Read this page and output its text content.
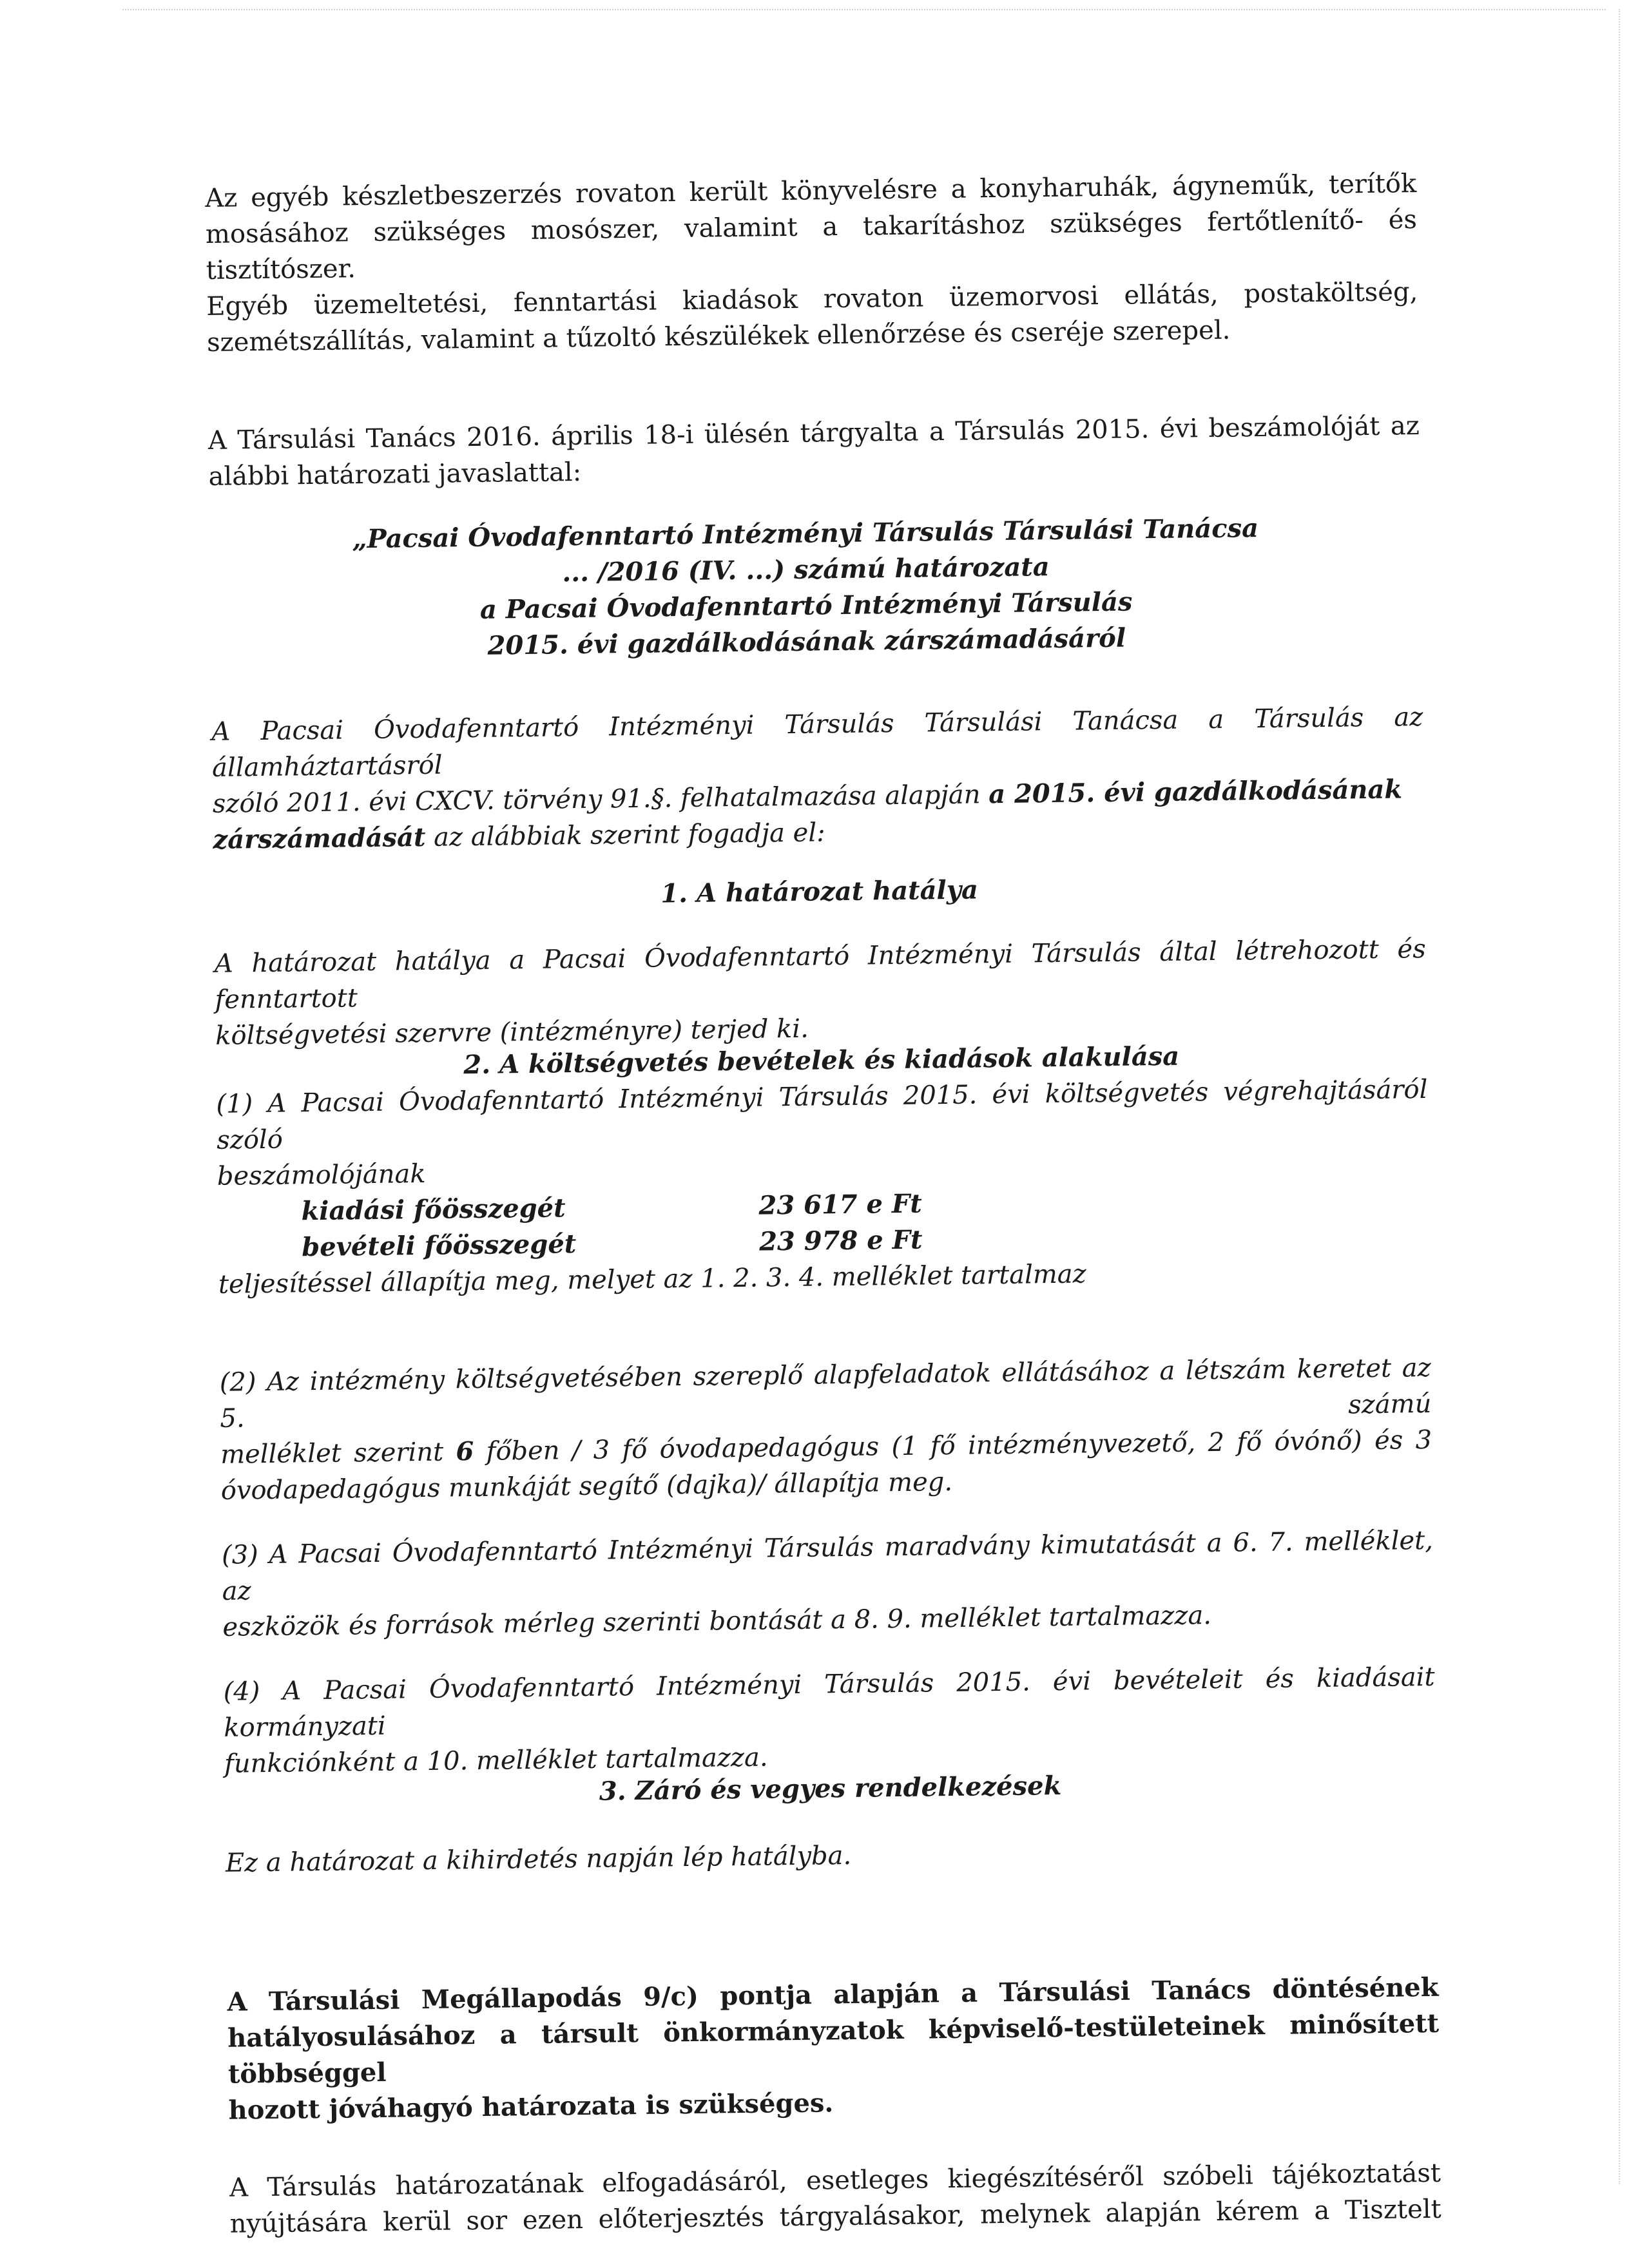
Az egyéb készletbeszerzés rovaton került könyvelésre a konyharuhák, ágyneműk, terítők

mosásához szükséges mosószer, valamint a takarításhoz szükséges fertőtlenítő- és

tisztítószer.

Egyéb üzemeltetési, fenntartási kiadások rovaton üzemorvosi ellátás, postaköltség,

szemétszállítás, valamint a tűzoltó készülékek ellenőrzése és cseréje szerepel.

A Társulási Tanács 2016. április 18-i ülésén tárgyalta a Társulás 2015. évi beszámolóját az

alábbi határozati javaslattal:

„Pacsai Óvodafenntartó Intézményi Társulás Társulási Tanácsa

... /2016 (IV. ...) számú határozata

a Pacsai Óvodafenntartó Intézményi Társulás

2015. évi gazdálkodásának zárszámadásáról

A Pacsai Óvodafenntartó Intézményi Társulás Társulási Tanácsa a Társulás az államháztartásról

szóló 2011. évi CXCV. törvény 91.§. felhatalmazása alapján a 2015. évi gazdálkodásának

zárszámadását az alábbiak szerint fogadja el:

1. A határozat hatálya

A határozat hatálya a Pacsai Óvodafenntartó Intézményi Társulás által létrehozott és fenntartott

költségvetési szervre (intézményre) terjed ki.

2. A költségvetés bevételek és kiadások alakulása

(1) A Pacsai Óvodafenntartó Intézményi Társulás 2015. évi költségvetés végrehajtásáról szóló

beszámolójának

kiadási főösszegét	23 617 e Ft
bevételi főösszegét	23 978 e Ft

teljesítéssel állapítja meg, melyet az 1. 2. 3. 4. melléklet tartalmaz

(2) Az intézmény költségvetésében szereplő alapfeladatok ellátásához a létszám keretet az 5. számú

melléklet szerint 6 főben / 3 fő óvodapedagógus (1 fő intézményvezető, 2 fő óvónő) és 3

óvodapedagógus munkáját segítő (dajka)/ állapítja meg.

(3) A Pacsai Óvodafenntartó Intézményi Társulás maradvány kimutatását a 6. 7. melléklet, az

eszközök és források mérleg szerinti bontását a 8. 9. melléklet tartalmazza.

(4) A Pacsai Óvodafenntartó Intézményi Társulás 2015. évi bevételeit és kiadásait kormányzati

funkciónként a 10. melléklet tartalmazza.

3. Záró és vegyes rendelkezések

Ez a határozat a kihirdetés napján lép hatályba.

A Társulási Megállapodás 9/c) pontja alapján a Társulási Tanács döntésének

hatályosulásához a társult önkormányzatok képviselő-testületeinek minősített többséggel

hozott jóváhagyó határozata is szükséges.

A Társulás határozatának elfogadásáról, esetleges kiegészítéséről szóbeli tájékoztatást

nyújtására kerül sor ezen előterjesztés tárgyalásakor, melynek alapján kérem a Tisztelt
